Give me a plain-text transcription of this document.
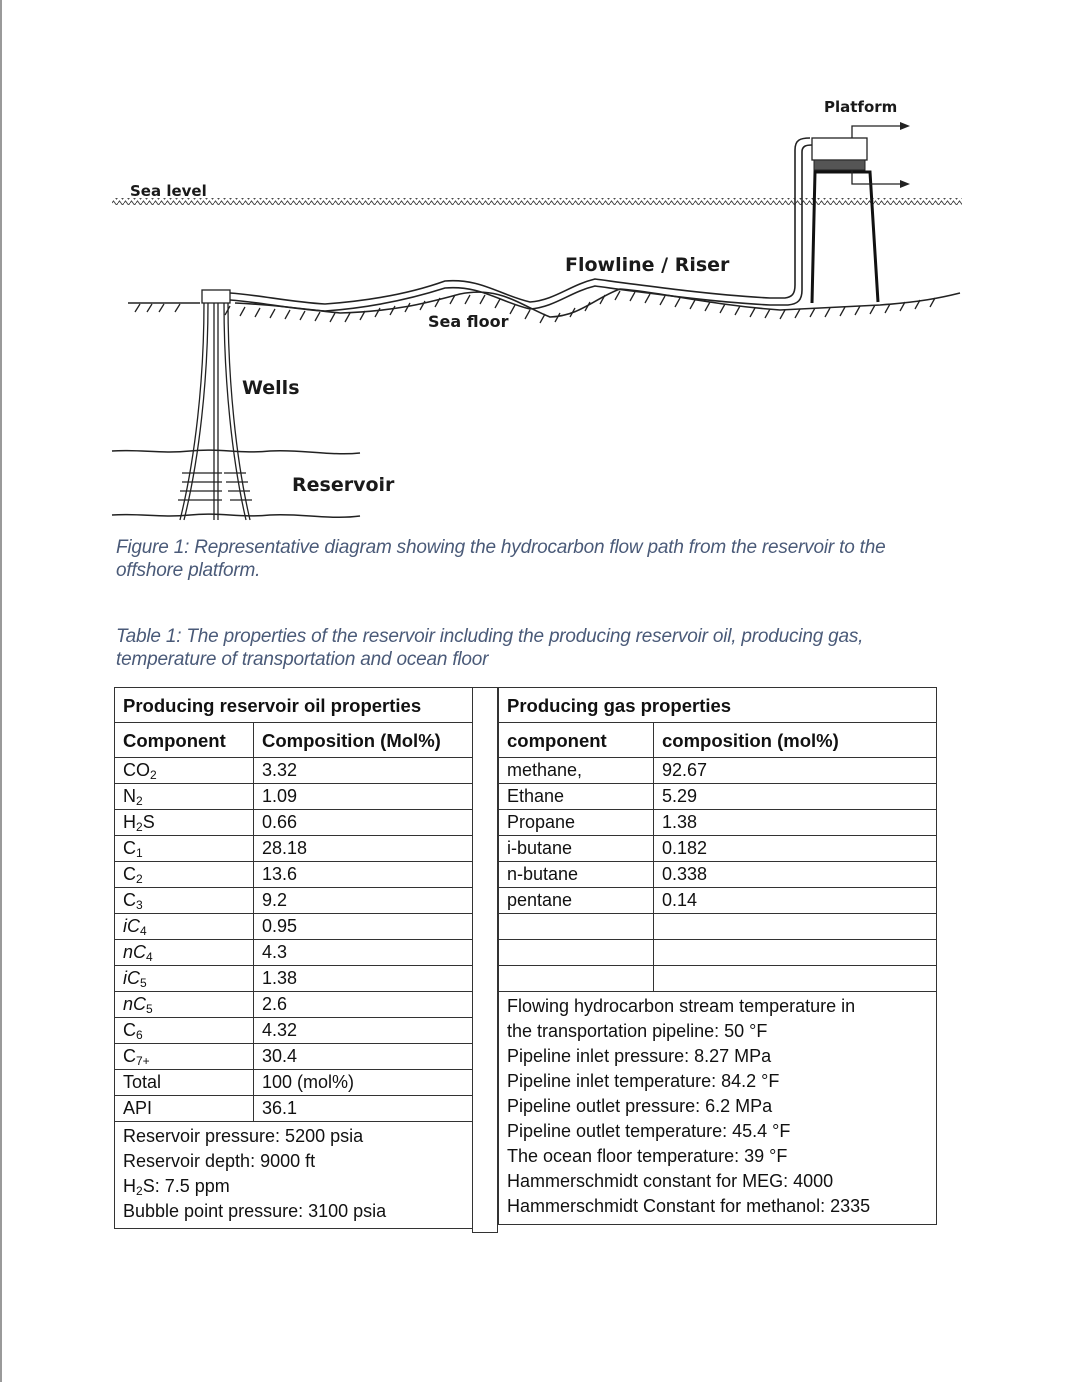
Platform
Sea level
Flowline / Riser
Sea floor
Wells
Reservoir
Figure 1: Representative diagram showing the hydrocarbon flow path from the reservoir to the offshore platform.
Table 1: The properties of the reservoir including the producing reservoir oil, producing gas, temperature of transportation and ocean floor
Producing reservoir oil properties	
Component	Composition (Mol%)
$CO_2$	3.32
$N_2$	1.09
$H_2S$	0.66
$C_1$	28.18
$C_2$	13.6
$C_3$	9.2
$iC_4$	0.95
$nC_4$	4.3
$iC_5$	1.38
$nC_5$	2.6
$C_6$	4.32
$C_{7+}$	30.4
Total	100 (mol%)
API	36.1

Reservoir pressure: 5200 psia
Reservoir depth: 9000 ft
$H_2S$: 7.5 ppm
Bubble point pressure: 3100 psia	
Producing gas properties	
component	composition (mol%)
methane,	92.67
Ethane	5.29
Propane	1.38
i-butane	0.182
n-butane	0.338
pentane	0.14

Flowing hydrocarbon stream temperature in
the transportation pipeline: 50 °F
Pipeline inlet pressure: 8.27 MPa
Pipeline inlet temperature: 84.2 °F
Pipeline outlet pressure: 6.2 MPa
Pipeline outlet temperature: 45.4 °F
The ocean floor temperature: 39 °F
Hammerschmidt constant for MEG: 4000
Hammerschmidt Constant for methanol: 2335
